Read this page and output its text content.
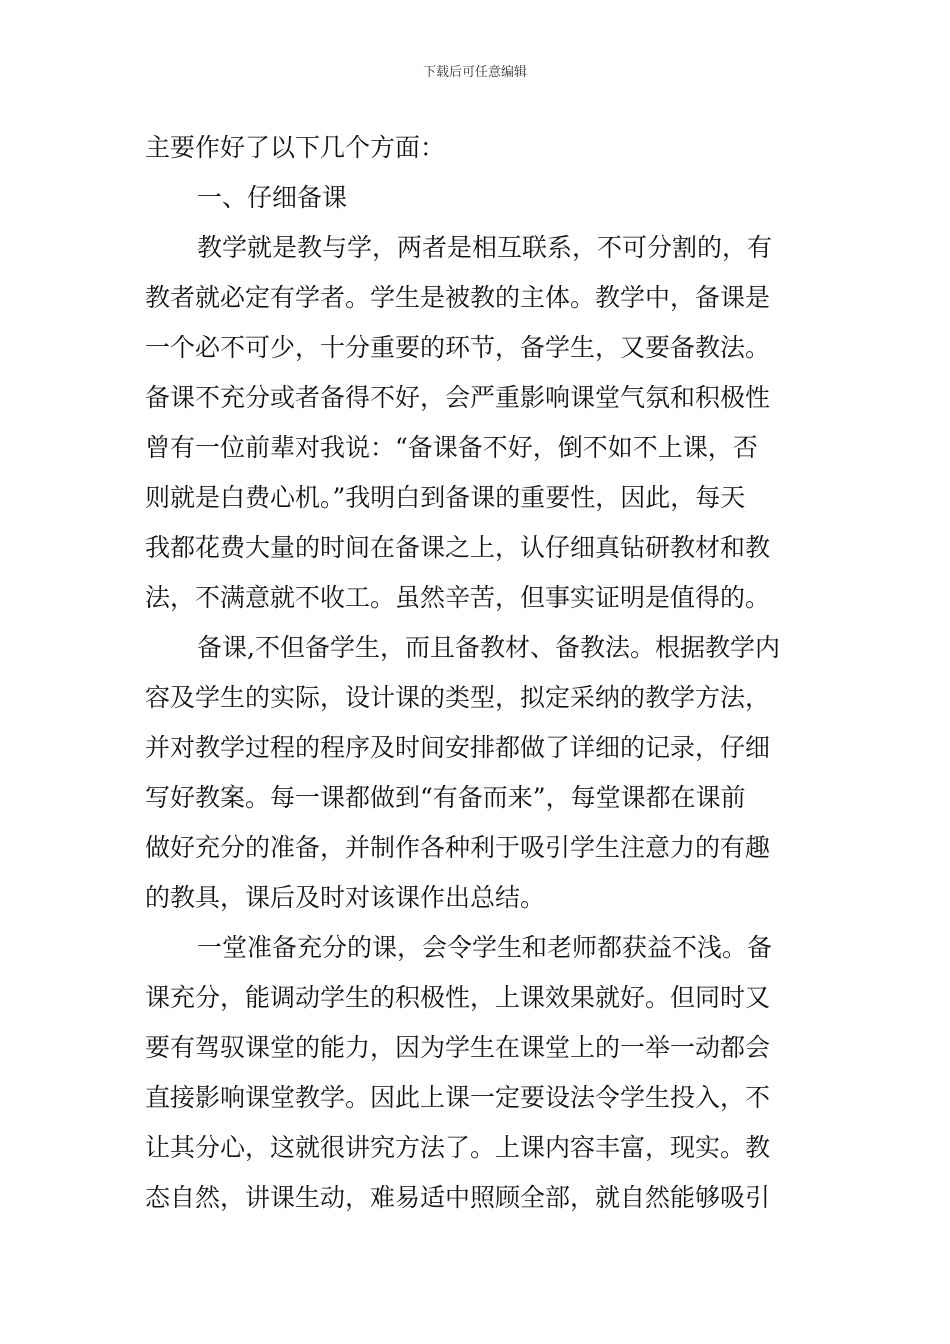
下载后可任意编辑
主要作好了以下几个方面：
一、仔细备课
教学就是教与学，两者是相互联系，不可分割的，有
教者就必定有学者。学生是被教的主体。教学中，备课是
一个必不可少，十分重要的环节，备学生，又要备教法。
备课不充分或者备得不好，会严重影响课堂气氛和积极性
曾有一位前辈对我说：“备课备不好，倒不如不上课，否
则就是白费心机。”我明白到备课的重要性，因此，每天
我都花费大量的时间在备课之上，认仔细真钻研教材和教
法，不满意就不收工。虽然辛苦，但事实证明是值得的。
备课,不但备学生，而且备教材、备教法。根据教学内
容及学生的实际，设计课的类型，拟定采纳的教学方法，
并对教学过程的程序及时间安排都做了详细的记录，仔细
写好教案。每一课都做到“有备而来”，每堂课都在课前
做好充分的准备，并制作各种利于吸引学生注意力的有趣
的教具，课后及时对该课作出总结。
一堂准备充分的课，会令学生和老师都获益不浅。备
课充分，能调动学生的积极性，上课效果就好。但同时又
要有驾驭课堂的能力，因为学生在课堂上的一举一动都会
直接影响课堂教学。因此上课一定要设法令学生投入，不
让其分心，这就很讲究方法了。上课内容丰富，现实。教
态自然，讲课生动，难易适中照顾全部，就自然能够吸引
